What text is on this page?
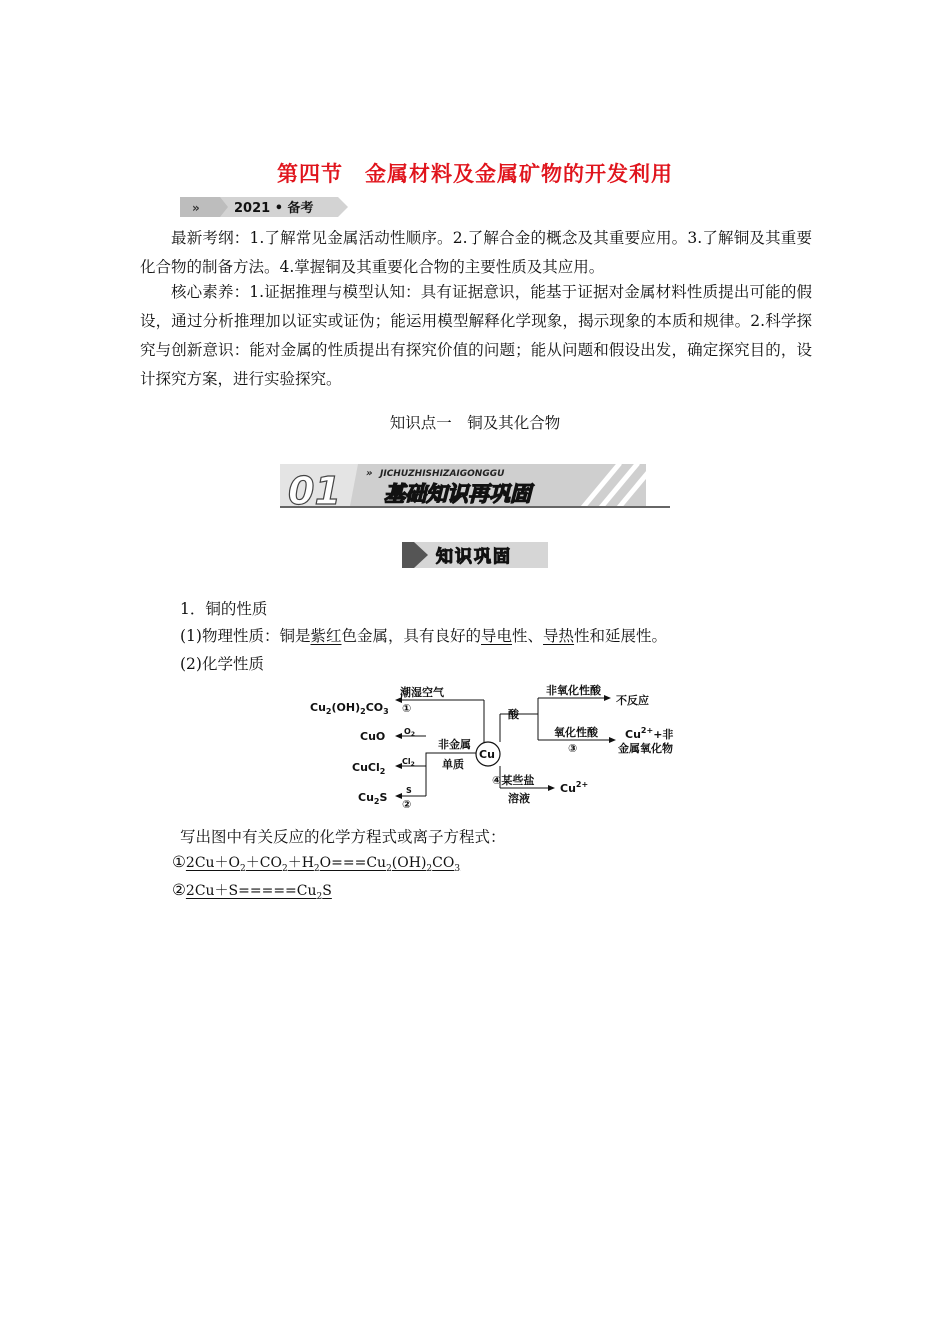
第四节　金属材料及金属矿物的开发利用
»	2021 • 备考
最新考纲：1.了解常见金属活动性顺序。2.了解合金的概念及其重要应用。3.了解铜及其重要化合物的制备方法。4.掌握铜及其重要化合物的主要性质及其应用。
核心素养：1.证据推理与模型认知：具有证据意识，能基于证据对金属材料性质提出可能的假设，通过分析推理加以证实或证伪；能运用模型解释化学现象，揭示现象的本质和规律。2.科学探究与创新意识：能对金属的性质提出有探究价值的问题；能从问题和假设出发，确定探究目的，设计探究方案，进行实验探究。
知识点一　铜及其化合物
01	» JICHUZHISHIZAIGONGGU
基础知识再巩固
知识巩固
1．铜的性质
(1)物理性质：铜是紫红色金属，具有良好的导电性、导热性和延展性。
(2)化学性质
Cu
$Cu_2(OH)_2CO_3$
潮湿空气
①
$O_2$
CuO
$Cl_2$
CuCl$_2$
S
②
$Cu_2S$
非金属
单质
酸
非氧化性酸
不反应
氧化性酸
③
$Cu^{2+}+$非
金属氧化物
④某些盐
溶液
$Cu^{2+}$
写出图中有关反应的化学方程式或离子方程式：
$①2Cu+O_2+CO_2+H_2O===Cu_2(OH)_2CO_3$
$②2Cu+S=====Cu_2S$
